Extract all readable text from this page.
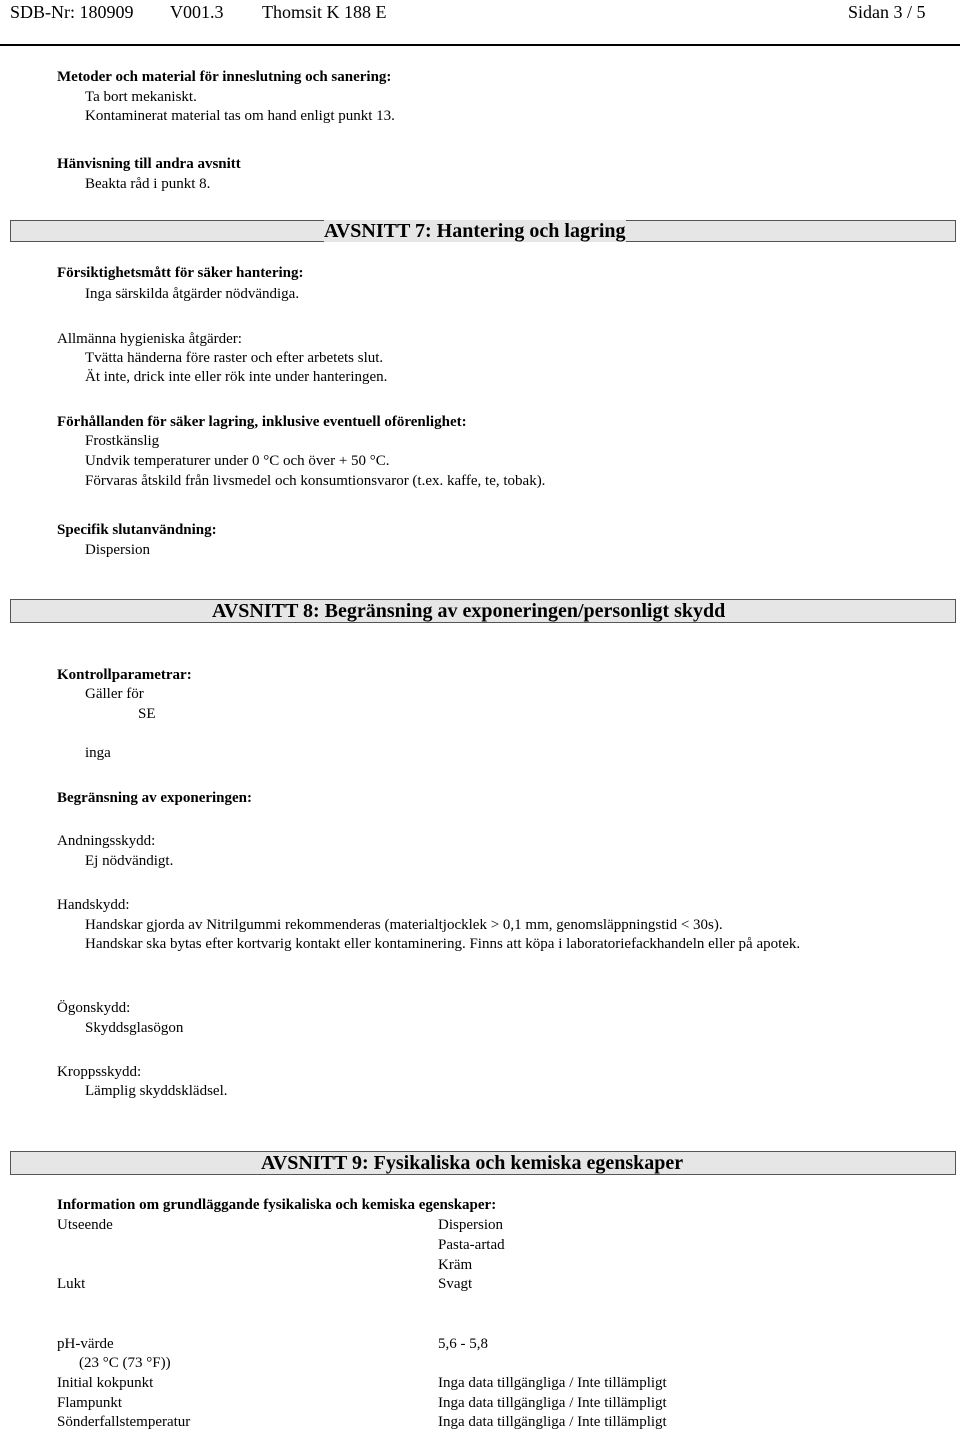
SDB-Nr: 180909 V001.3 Thomsit K 188 E	Sidan 3 / 5
Metoder och material för inneslutning och sanering:
Ta bort mekaniskt.
Kontaminerat material tas om hand enligt punkt 13.
Hänvisning till andra avsnitt
Beakta råd i punkt 8.
AVSNITT 7: Hantering och lagring
Försiktighetsmått för säker hantering:
Inga särskilda åtgärder nödvändiga.
Allmänna hygieniska åtgärder:
Tvätta händerna före raster och efter arbetets slut.
Ät inte, drick inte eller rök inte under hanteringen.
Förhållanden för säker lagring, inklusive eventuell oförenlighet:
Frostkänslig
Undvik temperaturer under 0 °C och över + 50 °C.
Förvaras åtskild från livsmedel och konsumtionsvaror (t.ex. kaffe, te, tobak).
Specifik slutanvändning:
Dispersion
AVSNITT 8: Begränsning av exponeringen/personligt skydd
Kontrollparametrar:
Gäller för
SE
inga
Begränsning av exponeringen:
Andningsskydd:
Ej nödvändigt.
Handskydd:
Handskar gjorda av Nitrilgummi rekommenderas (materialtjocklek > 0,1 mm, genomsläppningstid < 30s).
Handskar ska bytas efter kortvarig kontakt eller kontaminering. Finns att köpa i laboratoriefackhandeln eller på apotek.
Ögonskydd:
Skyddsglasögon
Kroppsskydd:
Lämplig skyddsklädsel.
AVSNITT 9: Fysikaliska och kemiska egenskaper
Information om grundläggande fysikaliska och kemiska egenskaper:
Utseende	Dispersion
Pasta-artad
Kräm
Lukt	Svagt
pH-värde	5,6 - 5,8
(23 °C (73 °F))
Initial kokpunkt	Inga data tillgängliga / Inte tillämpligt
Flampunkt	Inga data tillgängliga / Inte tillämpligt
Sönderfallstemperatur	Inga data tillgängliga / Inte tillämpligt
